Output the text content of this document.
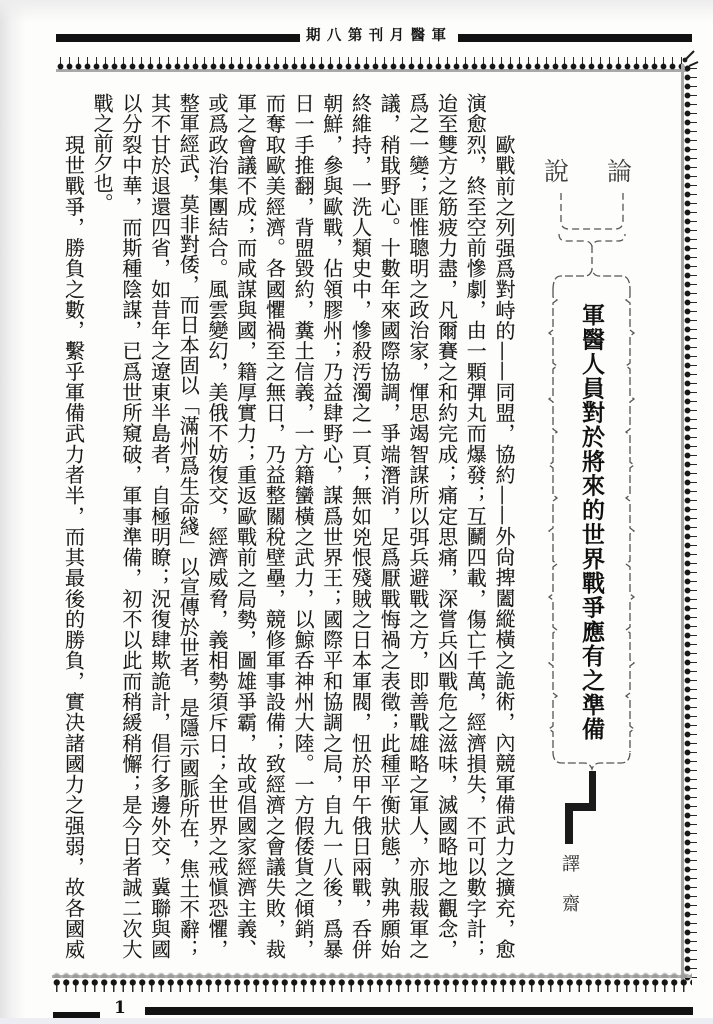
軍醫月刊第八期
論說
軍醫人員對於將來的世界戰爭應有之準備
譯齋
　　歐戰前之列强爲對峙的——同盟，協約——外尙捭闔縱橫之詭術，內競軍備武力之擴充，愈
演愈烈，終至空前慘劇，由一顆彈丸而爆發；互鬭四載，傷亡千萬，經濟損失，不可以數字計；
迨至雙方之筋疲力盡，凡爾賽之和約完成；痛定思痛，深嘗兵凶戰危之滋味，滅國略地之觀念，
爲之一變；匪惟聰明之政治家，惲思竭智謀所以弭兵避戰之方，即善戰雄略之軍人，亦服裁軍之
議，稍戢野心。十數年來國際協調，爭端潛消，足爲厭戰悔禍之表徵；此種平衡狀態，孰弗願始
終維持，一洗人類史中，慘殺汚濁之一頁；無如兇恨殘賊之日本軍閥，忸於甲午俄日兩戰，呑併
朝鮮，參與歐戰，佔領膠州；乃益肆野心，謀爲世界王；國際平和協調之局，自九一八後，爲暴
日一手推翻，背盟毀約，糞土信義，一方籍蠻橫之武力，以鯨呑神州大陸。一方假倭貨之傾銷，
而奪取歐美經濟。各國懼禍至之無日，乃益整關稅壁壘，競修軍事設備；致經濟之會議失敗，裁
軍之會議不成；而咸謀與國，籍厚實力；重返歐戰前之局勢，圖雄爭霸，故或倡國家經濟主義、
或爲政治集團結合。風雲變幻，美俄不妨復交，經濟威脅，義相勢須斥日；全世界之戒愼恐懼，
整軍經武，莫非對倭，而日本固以「滿州爲生命綫」以宣傳於世者，是隱示國脈所在，焦土不辭；
其不甘於退還四省，如昔年之遼東半島者，自極明瞭；況復肆欺詭計，倡行多邊外交，冀聯與國
以分裂中華，而斯種陰謀，已爲世所窺破，軍事準備，初不以此而稍緩稍懈；是今日者誠二次大
戰之前夕也。
　　現世戰爭，勝負之數，繫乎軍備武力者半，而其最後的勝負，實决諸國力之强弱，故各國威
1
